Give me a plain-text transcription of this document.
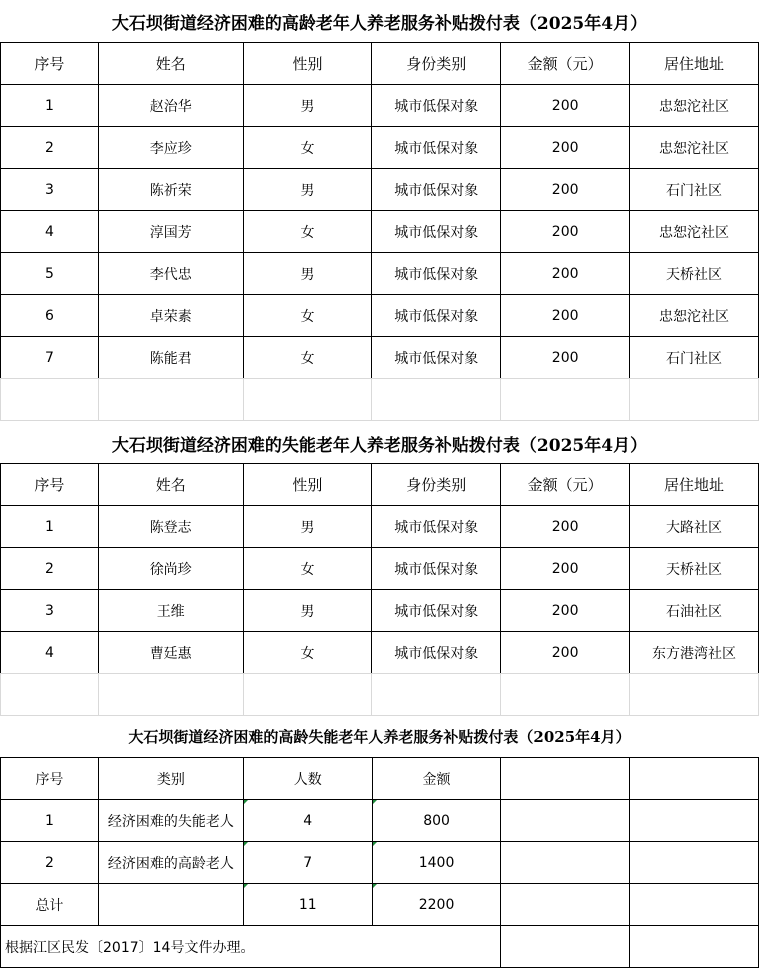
大石坝街道经济困难的高龄老年人养老服务补贴拨付表（2025年4月）
序号	姓名	性别	身份类别	金额（元）	居住地址
1	赵治华	男	城市低保对象	200	忠恕沱社区
2	李应珍	女	城市低保对象	200	忠恕沱社区
3	陈祈荣	男	城市低保对象	200	石门社区
4	淳国芳	女	城市低保对象	200	忠恕沱社区
5	李代忠	男	城市低保对象	200	天桥社区
6	卓荣素	女	城市低保对象	200	忠恕沱社区
7	陈能君	女	城市低保对象	200	石门社区

大石坝街道经济困难的失能老年人养老服务补贴拨付表（2025年4月）
序号	姓名	性别	身份类别	金额（元）	居住地址
1	陈登志	男	城市低保对象	200	大路社区
2	徐尚珍	女	城市低保对象	200	天桥社区
3	王维	男	城市低保对象	200	石油社区
4	曹廷惠	女	城市低保对象	200	东方港湾社区

大石坝街道经济困难的高龄失能老年人养老服务补贴拨付表（2025年4月）
序号	类别	人数	金额		
1	经济困难的失能老人	4	800		
2	经济困难的高龄老人	7	1400		
总计		11	2200		
根据江区民发〔2017〕14号文件办理。					
